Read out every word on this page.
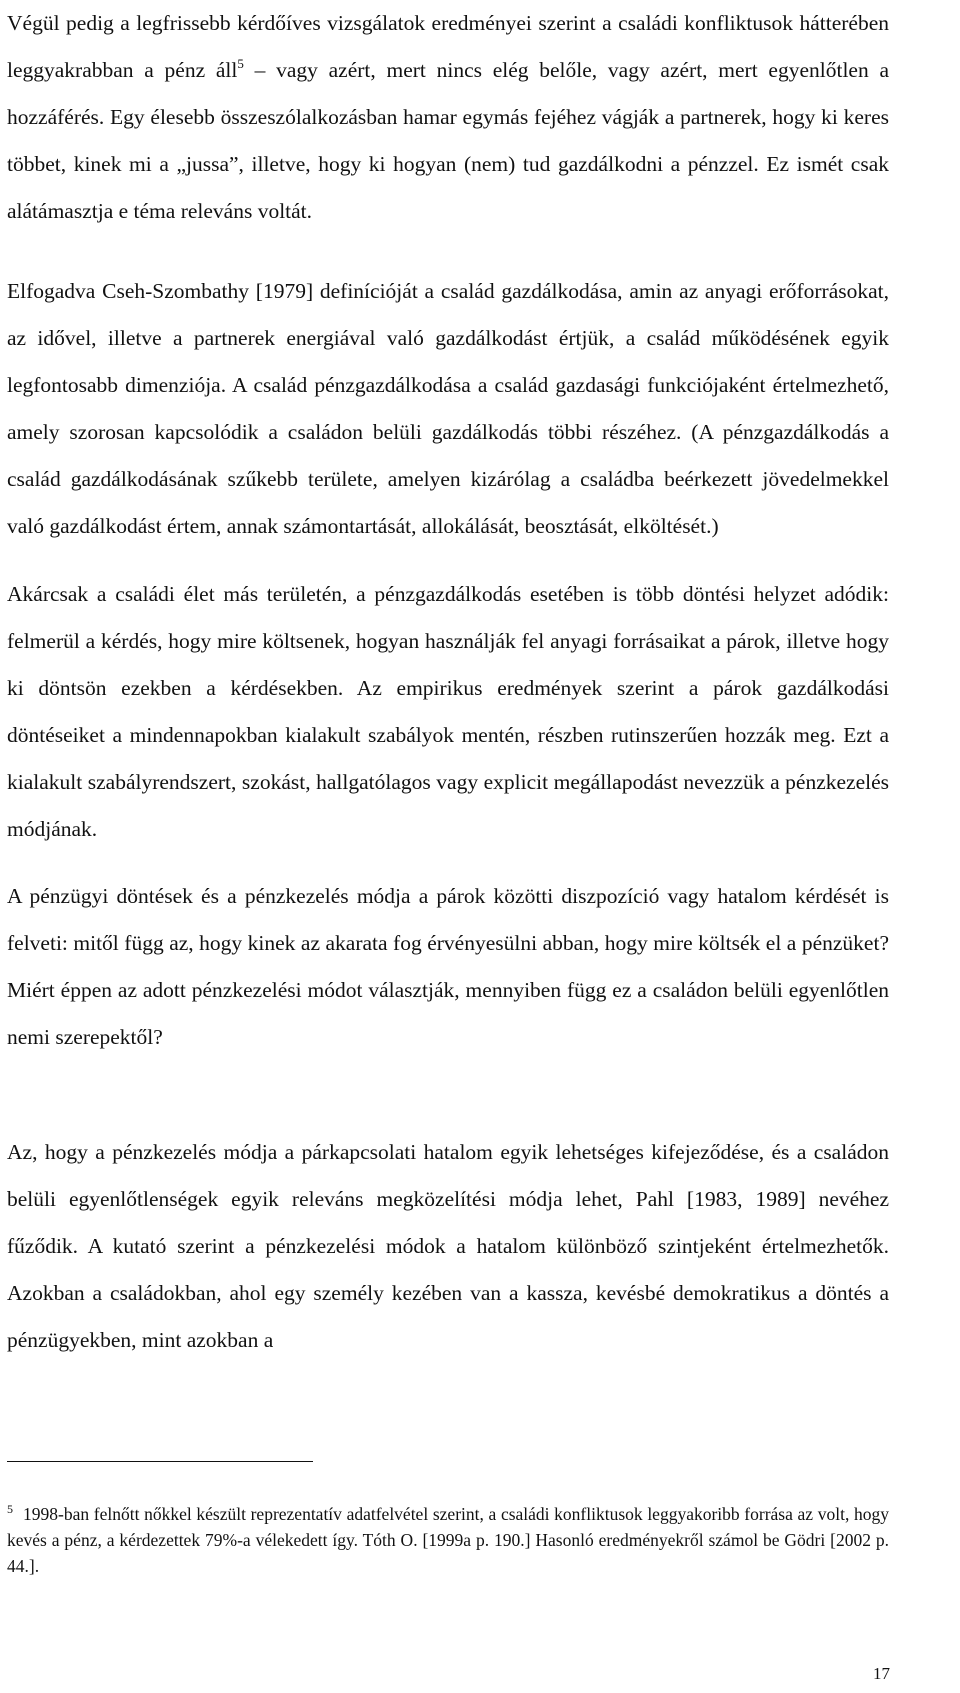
Végül pedig a legfrissebb kérdőíves vizsgálatok eredményei szerint a családi konfliktusok hátterében leggyakrabban a pénz áll$^5$ – vagy azért, mert nincs elég belőle, vagy azért, mert egyenlőtlen a hozzáférés. Egy élesebb összeszólalkozásban hamar egymás fejéhez vágják a partnerek, hogy ki keres többet, kinek mi a „jussa”, illetve, hogy ki hogyan (nem) tud gazdálkodni a pénzzel. Ez ismét csak alátámasztja e téma releváns voltát.

Elfogadva Cseh-Szombathy [1979] definícióját a család gazdálkodása, amin az anyagi erőforrásokat, az idővel, illetve a partnerek energiával való gazdálkodást értjük, a család működésének egyik legfontosabb dimenziója. A család pénzgazdálkodása a család gazdasági funkciójaként értelmezhető, amely szorosan kapcsolódik a családon belüli gazdálkodás többi részéhez. (A pénzgazdálkodás a család gazdálkodásának szűkebb területe, amelyen kizárólag a családba beérkezett jövedelmekkel való gazdálkodást értem, annak számontartását, allokálását, beosztását, elköltését.)

Akárcsak a családi élet más területén, a pénzgazdálkodás esetében is több döntési helyzet adódik: felmerül a kérdés, hogy mire költsenek, hogyan használják fel anyagi forrásaikat a párok, illetve hogy ki döntsön ezekben a kérdésekben. Az empirikus eredmények szerint a párok gazdálkodási döntéseiket a mindennapokban kialakult szabályok mentén, részben rutinszerűen hozzák meg. Ezt a kialakult szabályrendszert, szokást, hallgatólagos vagy explicit megállapodást nevezzük a pénzkezelés módjának.

A pénzügyi döntések és a pénzkezelés módja a párok közötti diszpozíció vagy hatalom kérdését is felveti: mitől függ az, hogy kinek az akarata fog érvényesülni abban, hogy mire költsék el a pénzüket? Miért éppen az adott pénzkezelési módot választják, mennyiben függ ez a családon belüli egyenlőtlen nemi szerepektől?

Az, hogy a pénzkezelés módja a párkapcsolati hatalom egyik lehetséges kifejeződése, és a családon belüli egyenlőtlenségek egyik releváns megközelítési módja lehet, Pahl [1983, 1989] nevéhez fűződik. A kutató szerint a pénzkezelési módok a hatalom különböző szintjeként értelmezhetők. Azokban a családokban, ahol egy személy kezében van a kassza, kevésbé demokratikus a döntés a pénzügyekben, mint azokban a

$^5$ 1998-ban felnőtt nőkkel készült reprezentatív adatfelvétel szerint, a családi konfliktusok leggyakoribb forrása az volt, hogy kevés a pénz, a kérdezettek 79%-a vélekedett így. Tóth O. [1999a p. 190.] Hasonló eredményekről számol be Gödri [2002 p. 44.].

17
